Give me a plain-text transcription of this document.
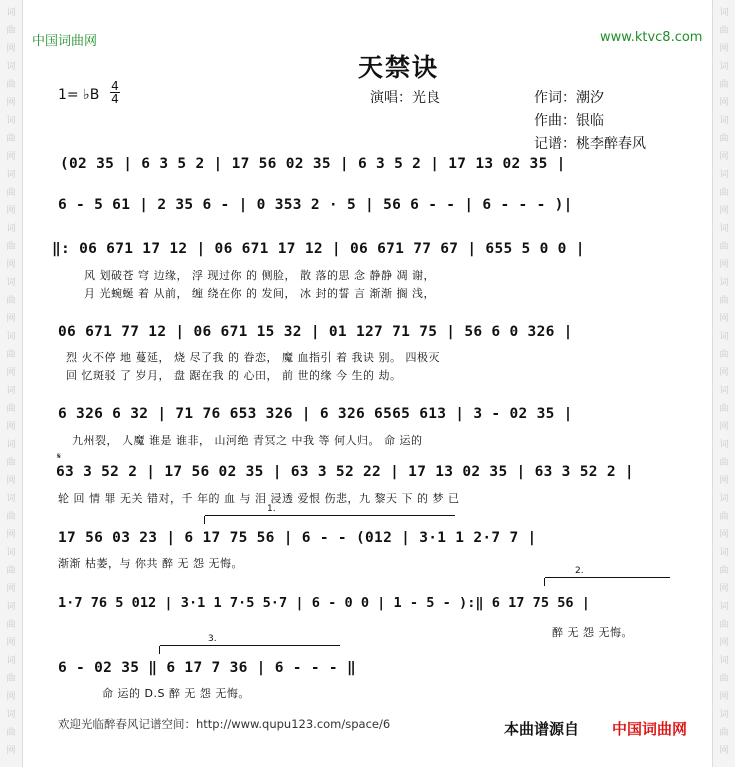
词
曲
网
词
曲
网
词
曲
网
词
曲
网
词
曲
网
词
曲
网
词
曲
网
词
曲
网
词
曲
网
词
曲
网
词
曲
网
词
曲
网
词
曲
网
词
曲
网
词
曲
网
词
曲
网
词
曲
网
词
曲
网
词
曲
网
词
曲
网
词
曲
网
词
曲
网
词
曲
网
词
曲
网
词
曲
网
词
曲
网
词
曲
网
词
曲
网
中国词曲网	www.ktvc8.com
天禁诀
1= ♭B
4
4	演唱：光良	作词：潮汐
作曲：银临
记谱：桃李醉春风
(02 35 | 6 3 5 2 | 17 56 02 35 | 6 3 5 2 | 17 13 02 35 |
6 - 5 61 | 2 35 6 - | 0 353 2 · 5 | 56 6 - - | 6 - - - )|
‖: 06 671 17 12 | 06 671 17 12 | 06 671 77 67 | 655 5 0 0 |
风 划破苍 穹 边缘， 浮 现过你 的 侧脸， 散 落的思 念 静静 凋 谢，
月 光蜿蜒 着 从前， 缠 绕在你 的 发间， 冰 封的誓 言 渐渐 搁 浅，
06 671 77 12 | 06 671 15 32 | 01 127 71 75 | 56 6 0 326 |
烈 火不停 地 蔓延， 烧 尽了我 的 眷恋， 魔 血指引 着 我诀 别。 四极灭
回 忆斑驳 了 岁月， 盘 踞在我 的 心田， 前 世的缘 今 生的 劫。
6 326 6 32 | 71 76 653 326 | 6 326 6565 613 | 3 - 02 35 |
九州裂， 人魔 谁是 谁非， 山河绝 青冥之 中我 等 何人归。 命 运的
𝄋
63 3 52 2 | 17 56 02 35 | 63 3 52 22 | 17 13 02 35 | 63 3 52 2 |
轮 回 情 罪 无关 错对，千 年的 血 与 泪 浸透 爱恨 伤悲，九 黎天 下 的 梦 已
1.
17 56 03 23 | 6 17 75 56 | 6 - - (012 | 3·1 1 2·7 7 |
渐渐 枯萎，与 你共 醉 无 怨 无悔。
2.
1·7 76 5 012 | 3·1 1 7·5 5·7 | 6 - 0 0 | 1 - 5 - ):‖ 6 17 75 56 |
醉 无 怨 无悔。
3.
6 - 02 35 ‖ 6 17 7 36 | 6 - - - ‖
命 运的 D.S 醉 无 怨 无悔。
欢迎光临醉春风记谱空间：http://www.qupu123.com/space/6	本曲谱源自 中国词曲网
